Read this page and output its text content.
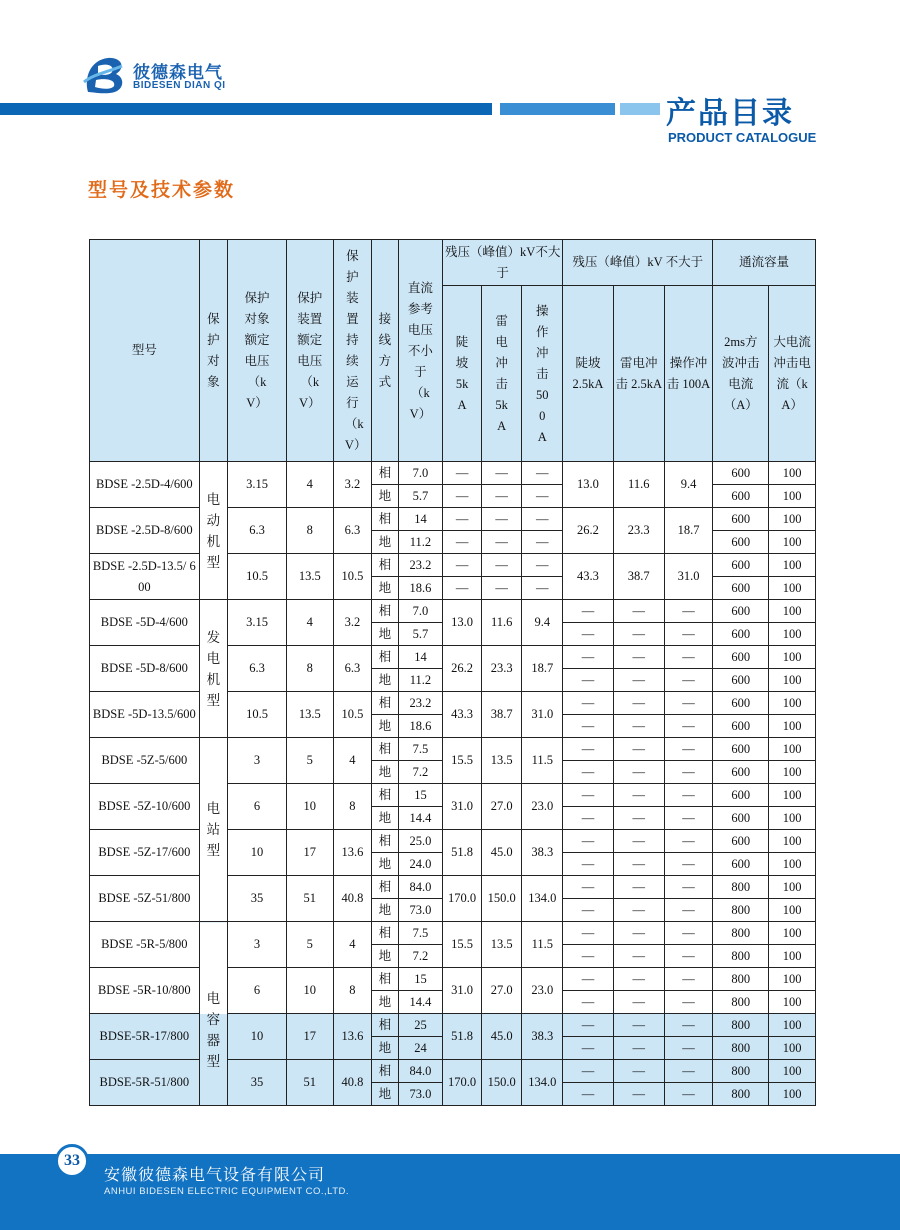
彼德森电气
BIDESEN DIAN QI
产品目录
PRODUCT CATALOGUE
型号及技术参数
型号	保护对象	保护对象额定电压（kV）	保护装置额定电压（kV）	保护装置持续运行（kV）	接线方式	直流参考电压不小于（kV）	残压（峰值）kV不大于			残压（峰值）kV 不大于			通流容量	
							陡坡5kA	雷电冲击5kA	操作冲击500A	陡坡 2.5kA	雷电冲击 2.5kA	操作冲击 100A	2ms方波冲击电流（A）	大电流冲击电流（kA）
BDSE -2.5D-4/600	电动机型	3.15	4	3.2	相	7.0	—	—	—	13.0	11.6	9.4	600	100
					地	5.7	—	—	—				600	100
BDSE -2.5D-8/600		6.3	8	6.3	相	14	—	—	—	26.2	23.3	18.7	600	100
					地	11.2	—	—	—				600	100
BDSE -2.5D-13.5/ 600		10.5	13.5	10.5	相	23.2	—	—	—	43.3	38.7	31.0	600	100
					地	18.6	—	—	—				600	100
BDSE -5D-4/600	发电机型	3.15	4	3.2	相	7.0	13.0	11.6	9.4	—	—	—	600	100
					地	5.7				—	—	—	600	100
BDSE -5D-8/600		6.3	8	6.3	相	14	26.2	23.3	18.7	—	—	—	600	100
					地	11.2				—	—	—	600	100
BDSE -5D-13.5/600		10.5	13.5	10.5	相	23.2	43.3	38.7	31.0	—	—	—	600	100
					地	18.6				—	—	—	600	100
BDSE -5Z-5/600	电站型	3	5	4	相	7.5	15.5	13.5	11.5	—	—	—	600	100
					地	7.2				—	—	—	600	100
BDSE -5Z-10/600		6	10	8	相	15	31.0	27.0	23.0	—	—	—	600	100
					地	14.4				—	—	—	600	100
BDSE -5Z-17/600		10	17	13.6	相	25.0	51.8	45.0	38.3	—	—	—	600	100
					地	24.0				—	—	—	600	100
BDSE -5Z-51/800		35	51	40.8	相	84.0	170.0	150.0	134.0	—	—	—	800	100
					地	73.0				—	—	—	800	100
BDSE -5R-5/800	电容器型	3	5	4	相	7.5	15.5	13.5	11.5	—	—	—	800	100
					地	7.2				—	—	—	800	100
BDSE -5R-10/800		6	10	8	相	15	31.0	27.0	23.0	—	—	—	800	100
					地	14.4				—	—	—	800	100
BDSE-5R-17/800		10	17	13.6	相	25	51.8	45.0	38.3	—	—	—	800	100
					地	24				—	—	—	800	100
BDSE-5R-51/800		35	51	40.8	相	84.0	170.0	150.0	134.0	—	—	—	800	100
					地	73.0				—	—	—	800	100
33
安徽彼德森电气设备有限公司
ANHUI BIDESEN ELECTRIC EQUIPMENT CO.,LTD.
